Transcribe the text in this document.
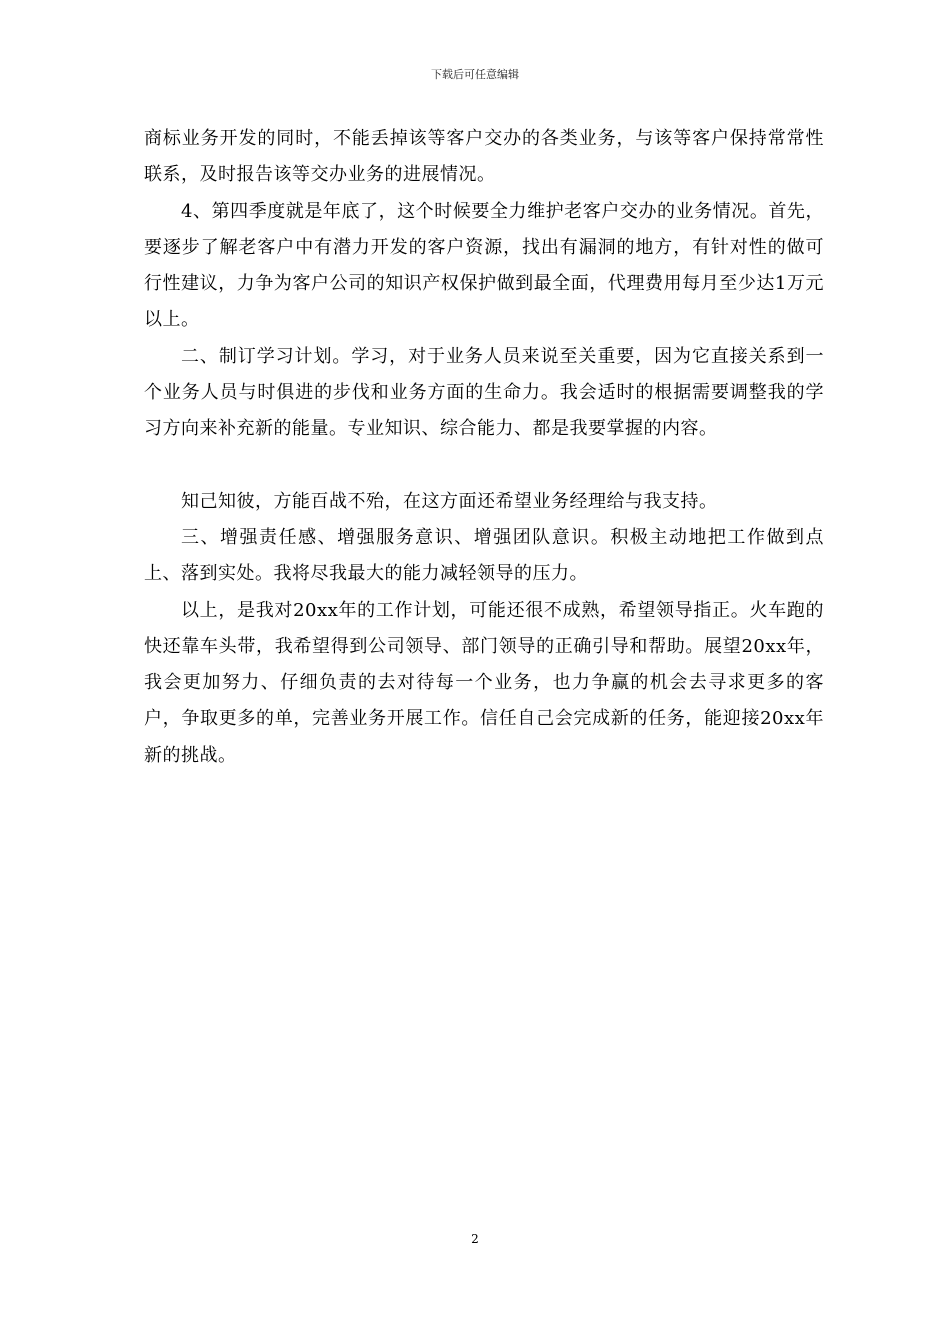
下载后可任意编辑

商标业务开发的同时，不能丢掉该等客户交办的各类业务，与该等客户保持常常性联系，及时报告该等交办业务的进展情况。

4、第四季度就是年底了，这个时候要全力维护老客户交办的业务情况。首先，要逐步了解老客户中有潜力开发的客户资源，找出有漏洞的地方，有针对性的做可行性建议，力争为客户公司的知识产权保护做到最全面，代理费用每月至少达1万元以上。

二、制订学习计划。学习，对于业务人员来说至关重要，因为它直接关系到一个业务人员与时俱进的步伐和业务方面的生命力。我会适时的根据需要调整我的学习方向来补充新的能量。专业知识、综合能力、都是我要掌握的内容。

知己知彼，方能百战不殆，在这方面还希望业务经理给与我支持。

三、增强责任感、增强服务意识、增强团队意识。积极主动地把工作做到点上、落到实处。我将尽我最大的能力减轻领导的压力。

以上，是我对20xx年的工作计划，可能还很不成熟，希望领导指正。火车跑的快还靠车头带，我希望得到公司领导、部门领导的正确引导和帮助。展望20xx年，我会更加努力、仔细负责的去对待每一个业务，也力争赢的机会去寻求更多的客户，争取更多的单，完善业务开展工作。信任自己会完成新的任务，能迎接20xx年新的挑战。

2
